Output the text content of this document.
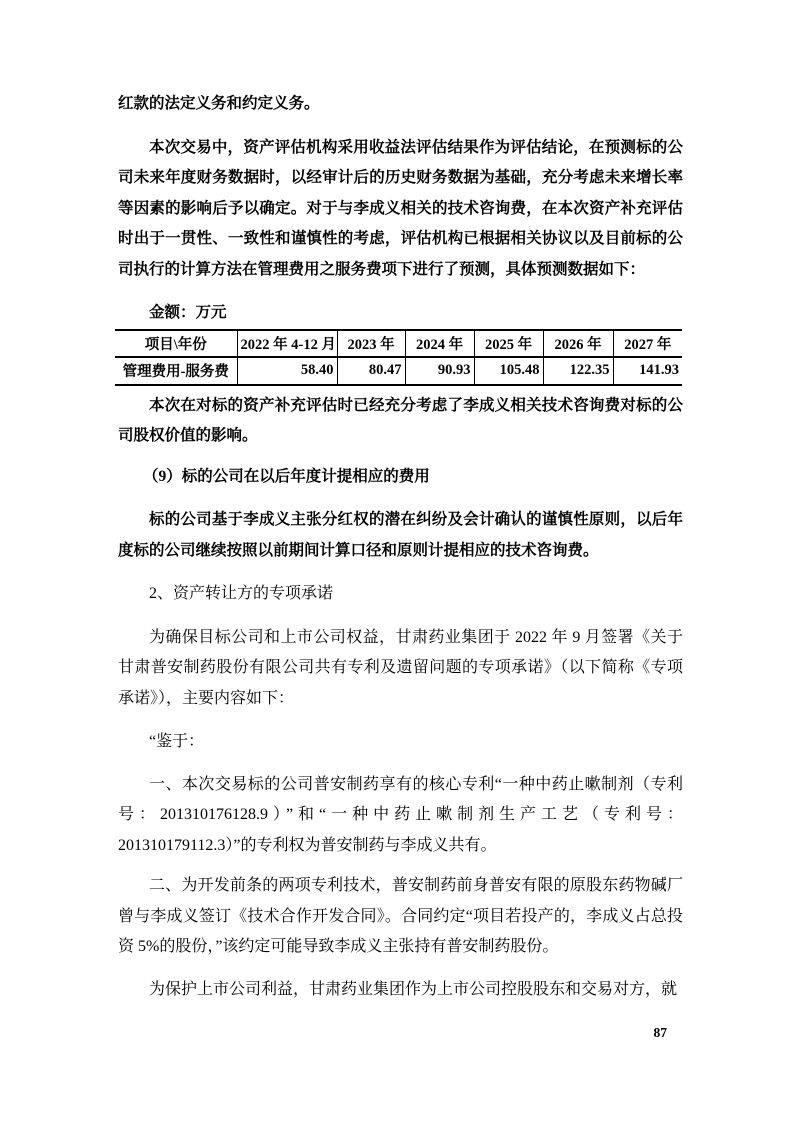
红款的法定义务和约定义务。

本次交易中，资产评估机构采用收益法评估结果作为评估结论，在预测标的公司未来年度财务数据时，以经审计后的历史财务数据为基础，充分考虑未来增长率等因素的影响后予以确定。对于与李成义相关的技术咨询费，在本次资产补充评估时出于一贯性、一致性和谨慎性的考虑，评估机构已根据相关协议以及目前标的公司执行的计算方法在管理费用之服务费项下进行了预测，具体预测数据如下：

金额：万元

项目\年份	2022 年 4-12 月	2023 年	2024 年	2025 年	2026 年	2027 年
管理费用-服务费	58.40	80.47	90.93	105.48	122.35	141.93

本次在对标的资产补充评估时已经充分考虑了李成义相关技术咨询费对标的公司股权价值的影响。

（9）标的公司在以后年度计提相应的费用

标的公司基于李成义主张分红权的潜在纠纷及会计确认的谨慎性原则，以后年度标的公司继续按照以前期间计算口径和原则计提相应的技术咨询费。

2、资产转让方的专项承诺

为确保目标公司和上市公司权益，甘肃药业集团于 2022 年 9 月签署《关于甘肃普安制药股份有限公司共有专利及遗留问题的专项承诺》（以下简称《专项承诺》），主要内容如下：

“鉴于：

一、本次交易标的公司普安制药享有的核心专利“一种中药止嗽制剂（专利号：201310176128.9）”和“一种中药止嗽制剂生产工艺（专利号：201310179112.3）”的专利权为普安制药与李成义共有。

二、为开发前条的两项专利技术，普安制药前身普安有限的原股东药物碱厂曾与李成义签订《技术合作开发合同》。合同约定“项目若投产的，李成义占总投资 5%的股份，”该约定可能导致李成义主张持有普安制药股份。

为保护上市公司利益，甘肃药业集团作为上市公司控股股东和交易对方，就

87
